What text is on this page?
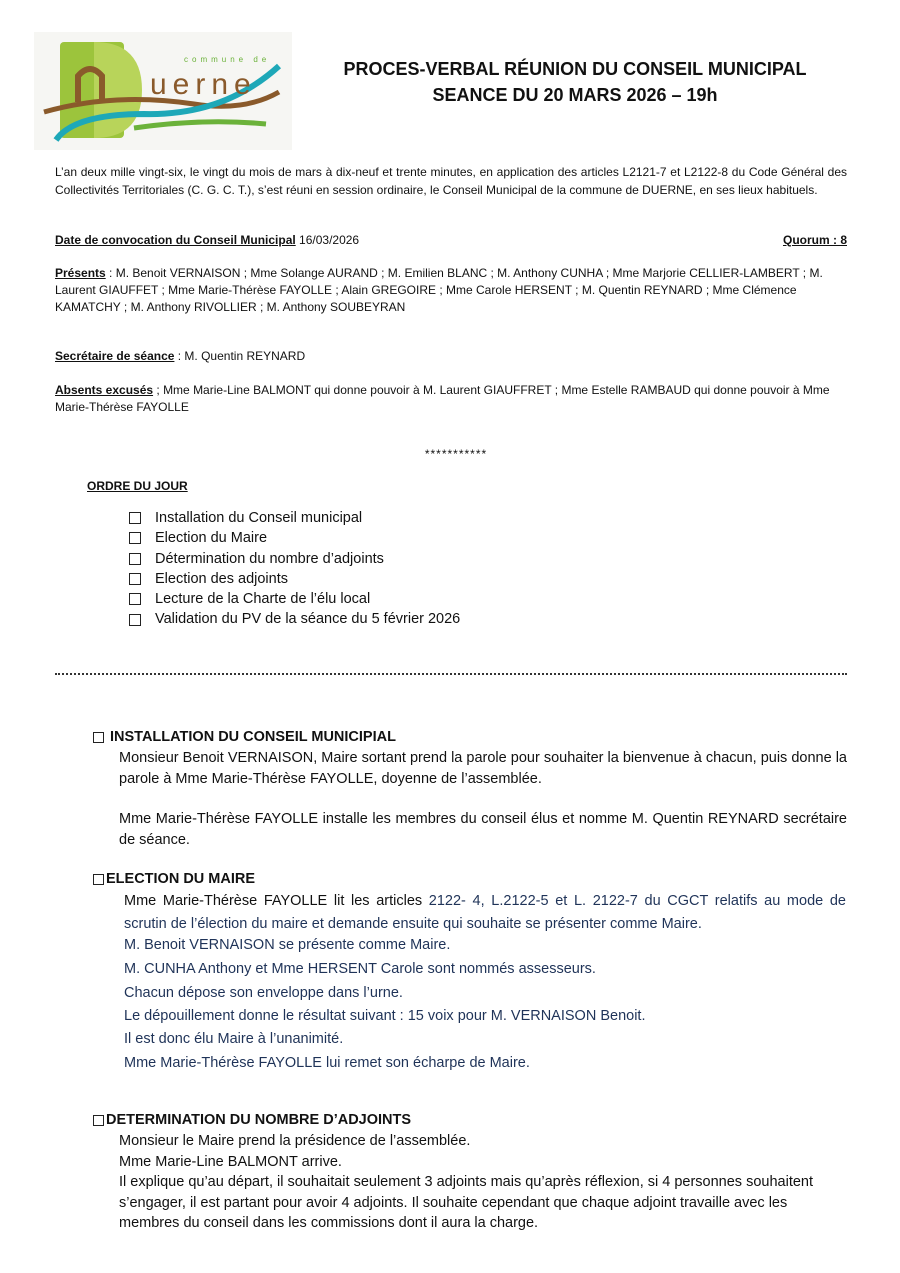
commune de
uerne	PROCES-VERBAL RÉUNION DU CONSEIL MUNICIPAL
SEANCE DU 20 MARS 2026 – 19h
L’an deux mille vingt-six, le vingt du mois de mars à dix-neuf et trente minutes, en application des articles L2121-7 et L2122-8 du Code Général des Collectivités Territoriales (C. G. C. T.), s’est réuni en session ordinaire, le Conseil Municipal de la commune de DUERNE, en ses lieux habituels.
Date de convocation du Conseil Municipal 16/03/2026	Quorum : 8
Présents : M. Benoit VERNAISON ; Mme Solange AURAND ; M. Emilien BLANC ; M. Anthony CUNHA ; Mme Marjorie CELLIER-LAMBERT ; M. Laurent GIAUFFET ; Mme Marie-Thérèse FAYOLLE ; Alain GREGOIRE ; Mme Carole HERSENT ; M. Quentin REYNARD ; Mme Clémence KAMATCHY ; M. Anthony RIVOLLIER ; M. Anthony SOUBEYRAN
Secrétaire de séance : M. Quentin REYNARD
Absents excusés ; Mme Marie-Line BALMONT qui donne pouvoir à M. Laurent GIAUFFRET ; Mme Estelle RAMBAUD qui donne pouvoir à Mme Marie-Thérèse FAYOLLE
***********
ORDRE DU JOUR
Installation du Conseil municipal
Election du Maire
Détermination du nombre d’adjoints
Election des adjoints
Lecture de la Charte de l’élu local
Validation du PV de la séance du 5 février 2026
INSTALLATION DU CONSEIL MUNICIPIAL
Monsieur Benoit VERNAISON, Maire sortant prend la parole pour souhaiter la bienvenue à chacun, puis donne la parole à Mme Marie-Thérèse FAYOLLE, doyenne de l’assemblée.
Mme Marie-Thérèse FAYOLLE installe les membres du conseil élus et nomme M. Quentin REYNARD secrétaire de séance.
ELECTION DU MAIRE
Mme Marie-Thérèse FAYOLLE lit les articles 2122- 4, L.2122-5 et L. 2122-7 du CGCT relatifs au mode de scrutin de l’élection du maire et demande ensuite qui souhaite se présenter comme Maire.
M. Benoit VERNAISON se présente comme Maire.
M. CUNHA Anthony et Mme HERSENT Carole sont nommés assesseurs.
Chacun dépose son enveloppe dans l’urne.
Le dépouillement donne le résultat suivant : 15 voix pour M. VERNAISON Benoit.
Il est donc élu Maire à l’unanimité.
Mme Marie-Thérèse FAYOLLE lui remet son écharpe de Maire.
DETERMINATION DU NOMBRE D’ADJOINTS
Monsieur le Maire prend la présidence de l’assemblée.
Mme Marie-Line BALMONT arrive.
Il explique qu’au départ, il souhaitait seulement 3 adjoints mais qu’après réflexion, si 4 personnes souhaitent s’engager, il est partant pour avoir 4 adjoints. Il souhaite cependant que chaque adjoint travaille avec les membres du conseil dans les commissions dont il aura la charge.
